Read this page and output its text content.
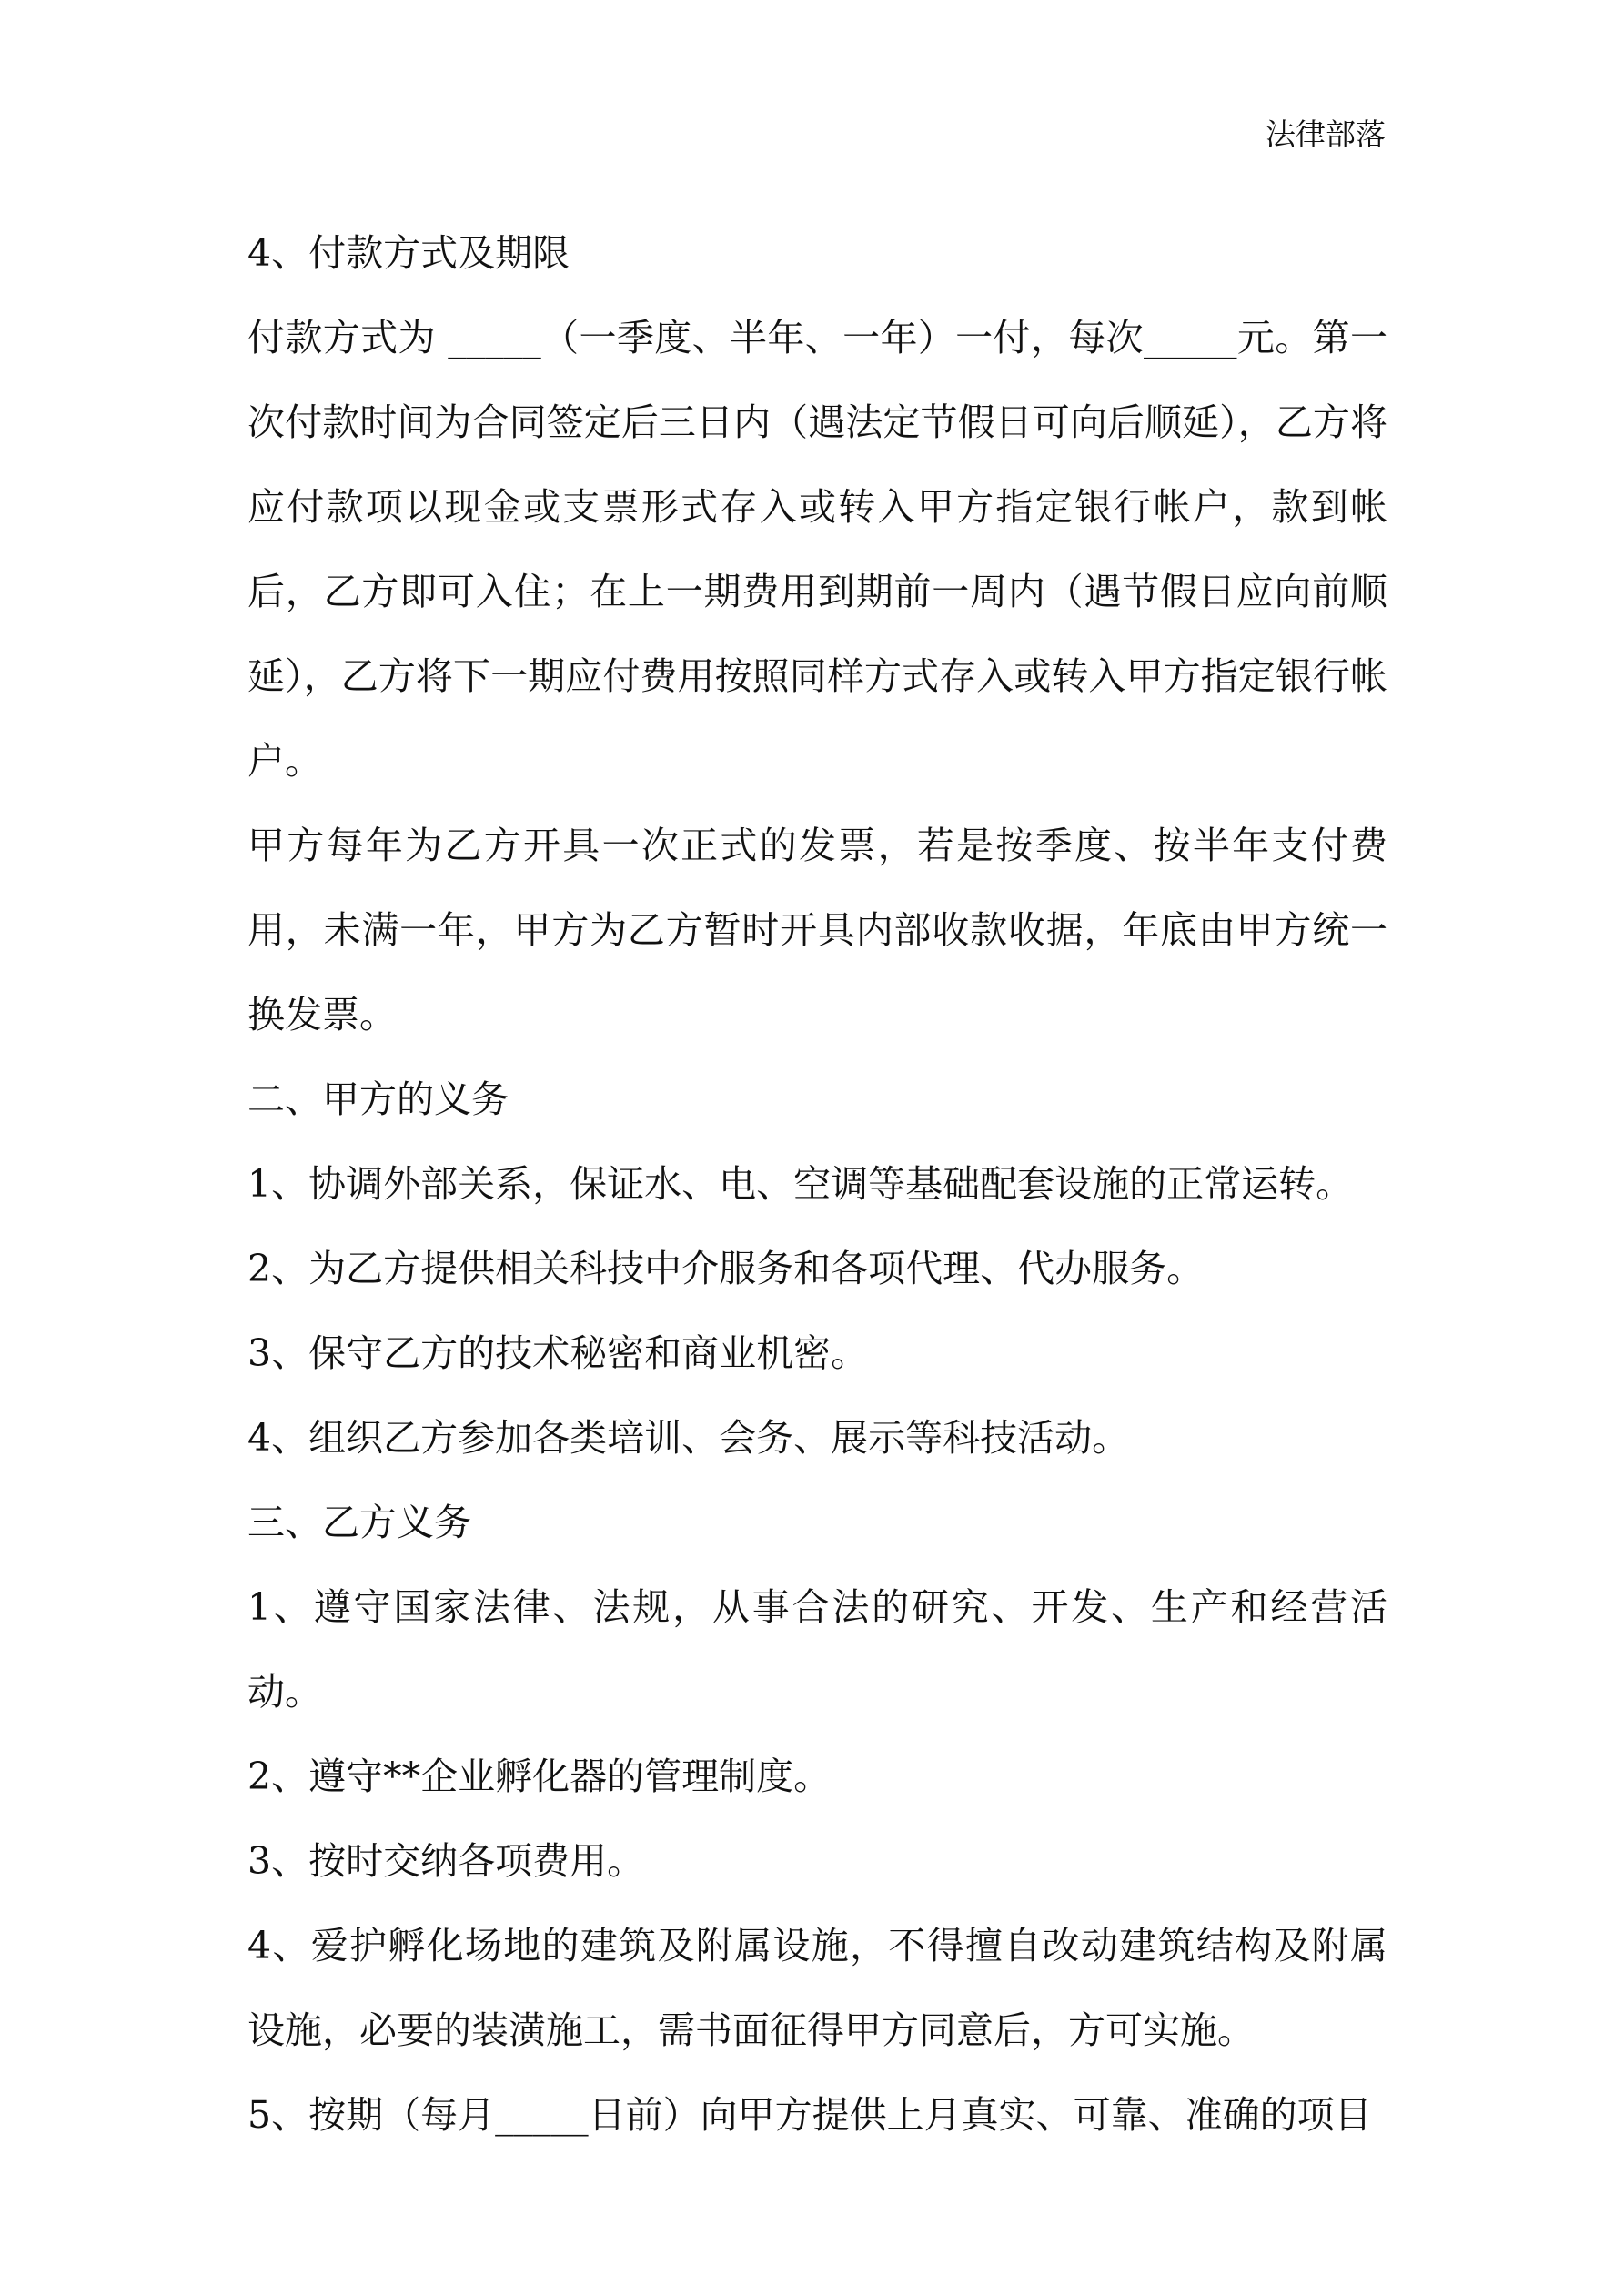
法律部落

4、付款方式及期限

付款方式为 _____（一季度、半年、一年）一付，每次_____元。第一次付款时间为合同签定后三日内（遇法定节假日可向后顺延），乙方将应付款项以现金或支票形式存入或转入甲方指定银行帐户，款到帐后，乙方即可入住；在上一期费用到期前一周内（遇节假日应向前顺延），乙方将下一期应付费用按照同样方式存入或转入甲方指定银行帐户。

甲方每年为乙方开具一次正式的发票，若是按季度、按半年支付费用，未满一年，甲方为乙方暂时开具内部收款收据，年底由甲方统一换发票。

二、甲方的义务

1、协调外部关系，保证水、电、空调等基础配套设施的正常运转。

2、为乙方提供相关科技中介服务和各项代理、代办服务。

3、保守乙方的技术秘密和商业机密。

4、组织乙方参加各类培训、会务、展示等科技活动。

三、乙方义务

1、遵守国家法律、法规，从事合法的研究、开发、生产和经营活动。

2、遵守**企业孵化器的管理制度。

3、按时交纳各项费用。

4、爱护孵化场地的建筑及附属设施，不得擅自改动建筑结构及附属设施，必要的装潢施工，需书面征得甲方同意后，方可实施。

5、按期（每月_____日前）向甲方提供上月真实、可靠、准确的项目
